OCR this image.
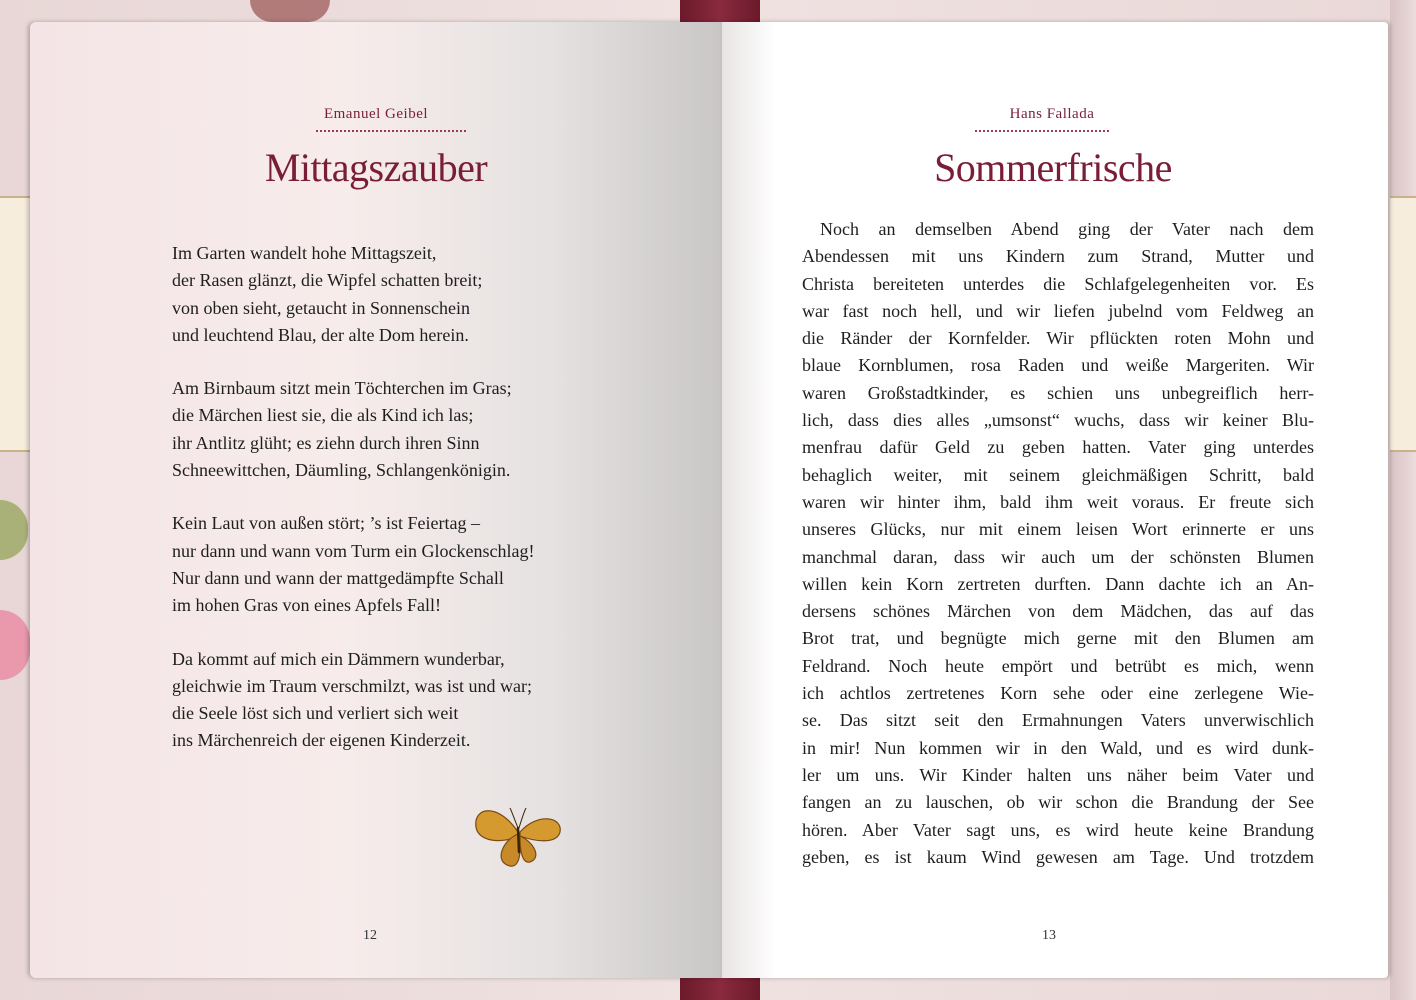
Emanuel Geibel
Mittagszauber
Im Garten wandelt hohe Mittagszeit,
der Rasen glänzt, die Wipfel schatten breit;
von oben sieht, getaucht in Sonnenschein
und leuchtend Blau, der alte Dom herein.
Am Birnbaum sitzt mein Töchterchen im Gras;
die Märchen liest sie, die als Kind ich las;
ihr Antlitz glüht; es ziehn durch ihren Sinn
Schneewittchen, Däumling, Schlangenkönigin.
Kein Laut von außen stört; ’s ist Feiertag –
nur dann und wann vom Turm ein Glockenschlag!
Nur dann und wann der mattgedämpfte Schall
im hohen Gras von eines Apfels Fall!
Da kommt auf mich ein Dämmern wunderbar,
gleichwie im Traum verschmilzt, was ist und war;
die Seele löst sich und verliert sich weit
ins Märchenreich der eigenen Kinderzeit.
12
Hans Fallada
Sommerfrische
Noch an demselben Abend ging der Vater nach dem
Abendessen mit uns Kindern zum Strand, Mutter und
Christa bereiteten unterdes die Schlafgelegenheiten vor. Es
war fast noch hell, und wir liefen jubelnd vom Feldweg an
die Ränder der Kornfelder. Wir pflückten roten Mohn und
blaue Kornblumen, rosa Raden und weiße Margeriten. Wir
waren Großstadtkinder, es schien uns unbegreiflich herr-
lich, dass dies alles „umsonst“ wuchs, dass wir keiner Blu-
menfrau dafür Geld zu geben hatten. Vater ging unterdes
behaglich weiter, mit seinem gleichmäßigen Schritt, bald
waren wir hinter ihm, bald ihm weit voraus. Er freute sich
unseres Glücks, nur mit einem leisen Wort erinnerte er uns
manchmal daran, dass wir auch um der schönsten Blumen
willen kein Korn zertreten durften. Dann dachte ich an An-
dersens schönes Märchen von dem Mädchen, das auf das
Brot trat, und begnügte mich gerne mit den Blumen am
Feldrand. Noch heute empört und betrübt es mich, wenn
ich achtlos zertretenes Korn sehe oder eine zerlegene Wie-
se. Das sitzt seit den Ermahnungen Vaters unverwischlich
in mir! Nun kommen wir in den Wald, und es wird dunk-
ler um uns. Wir Kinder halten uns näher beim Vater und
fangen an zu lauschen, ob wir schon die Brandung der See
hören. Aber Vater sagt uns, es wird heute keine Brandung
geben, es ist kaum Wind gewesen am Tage. Und trotzdem
13
